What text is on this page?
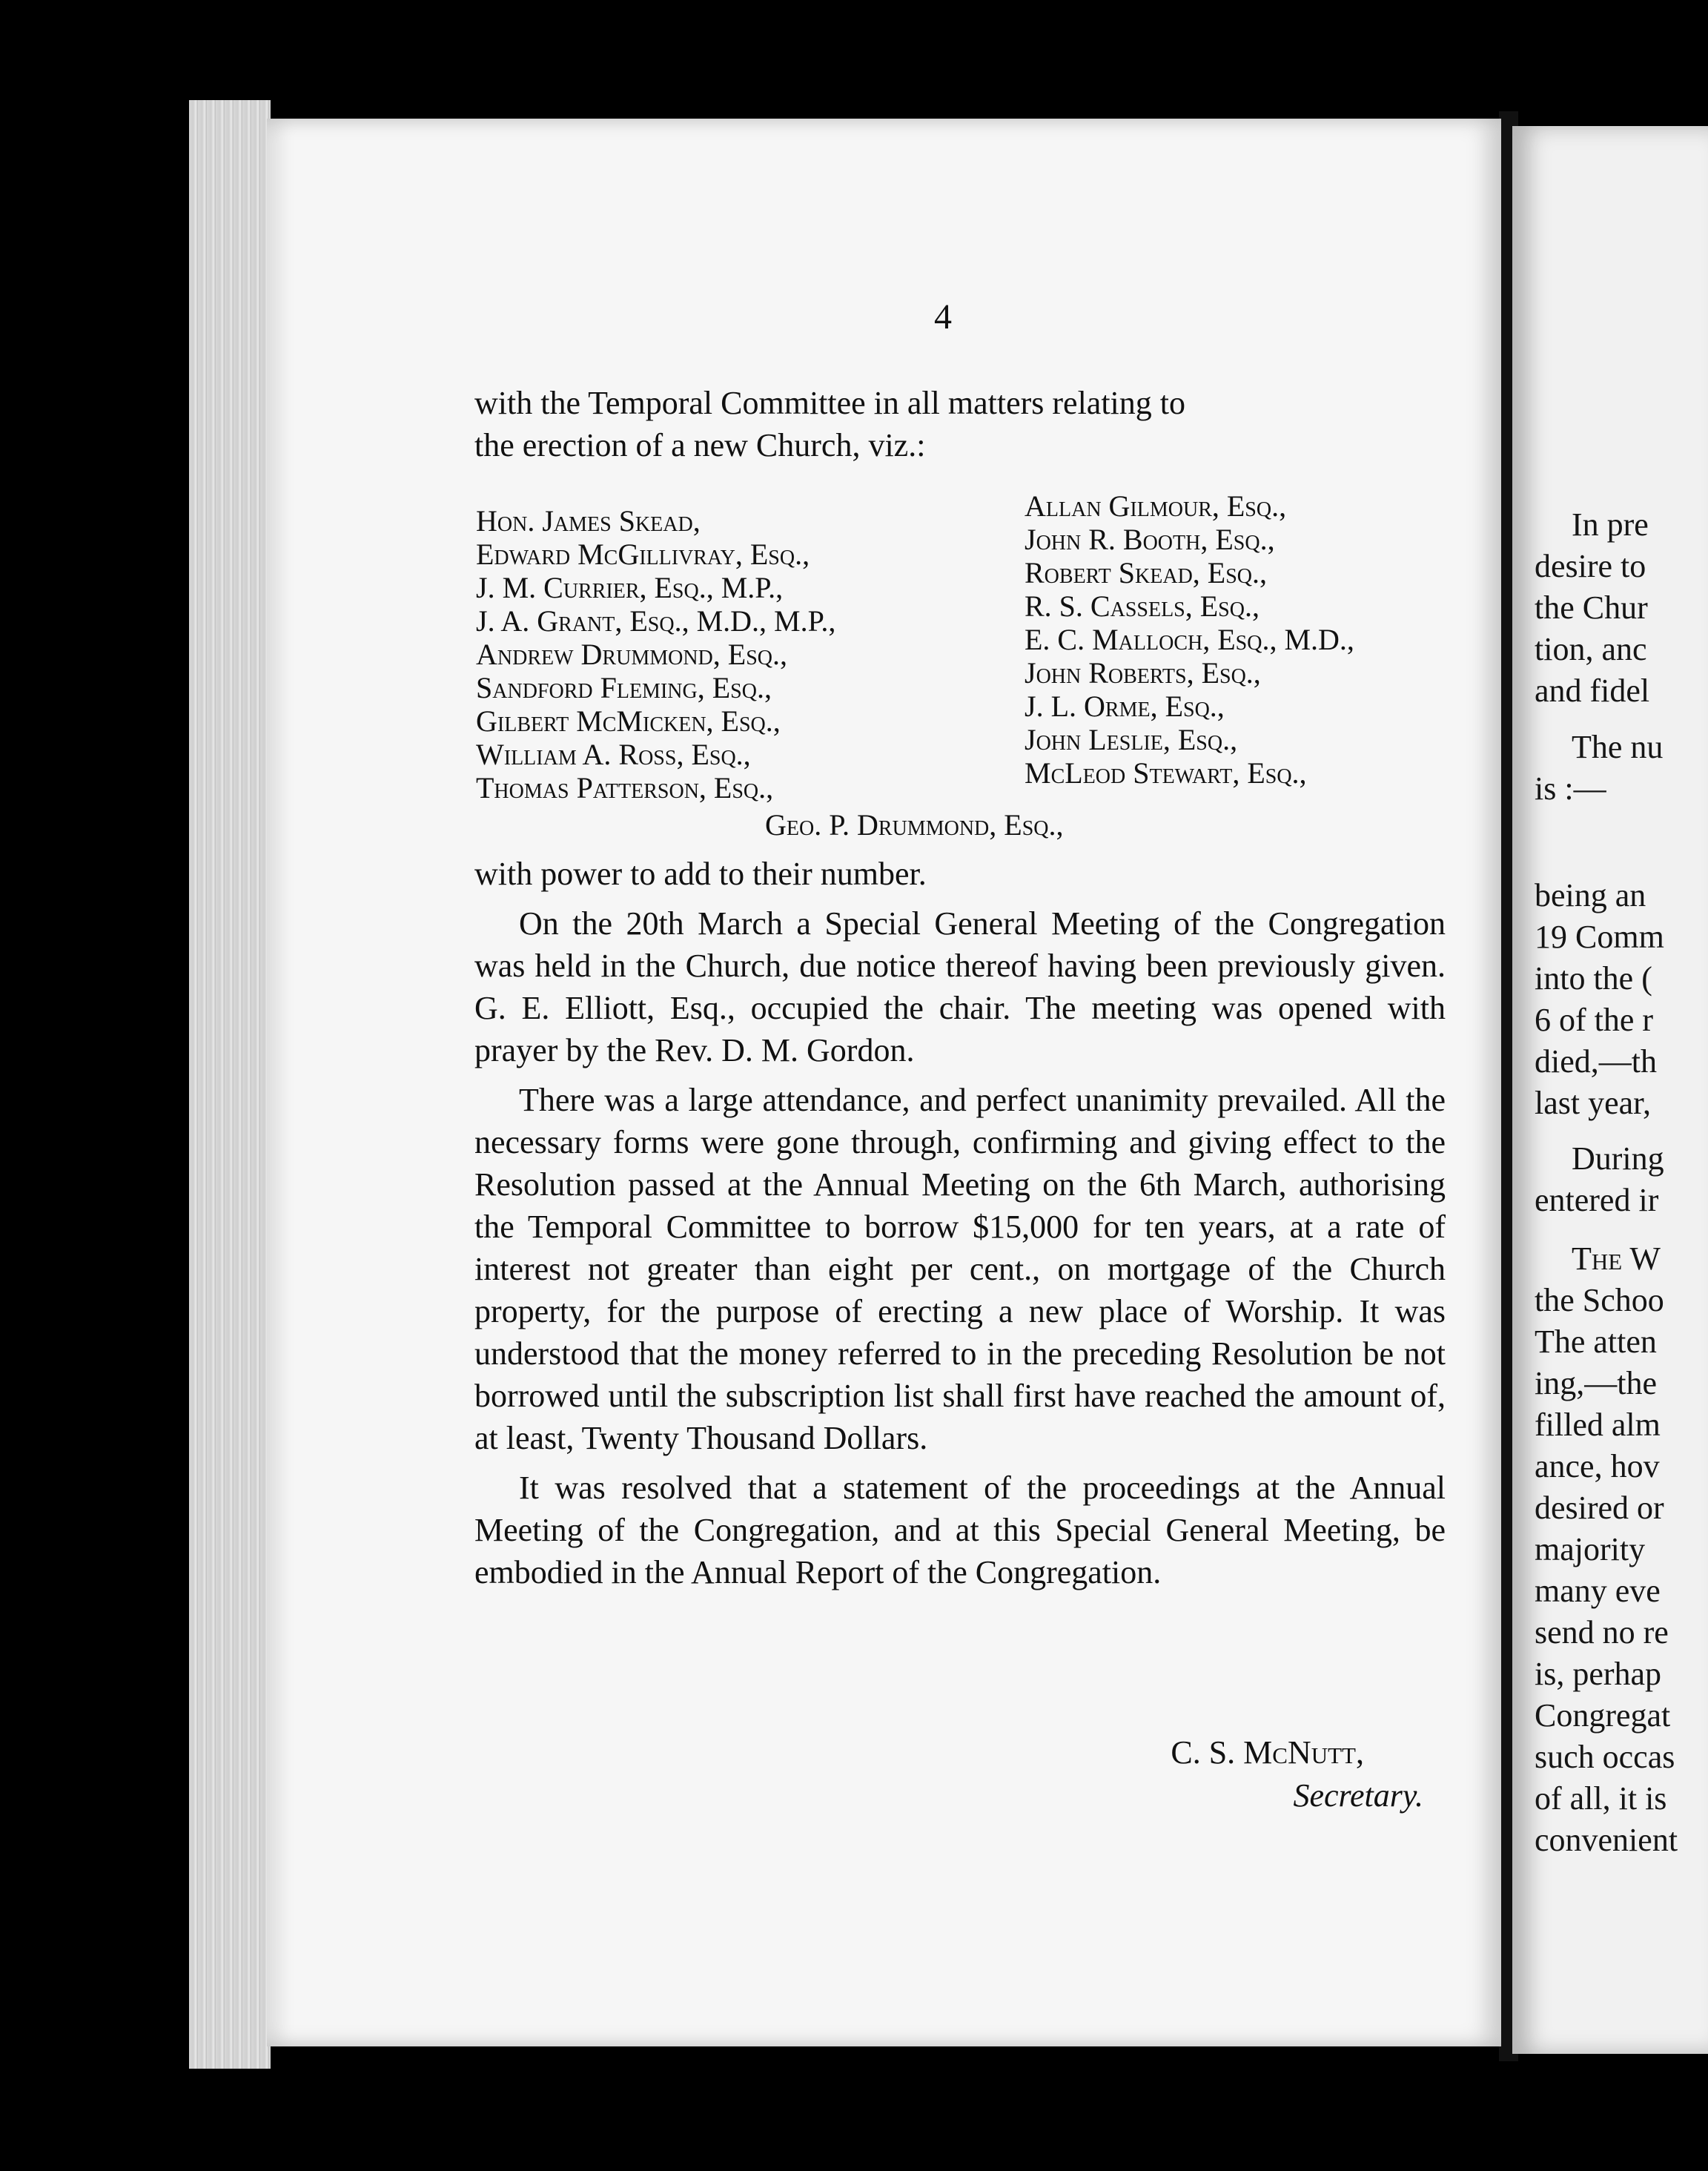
4
with the Temporal Committee in all matters relating to
the erection of a new Church, viz.:
Hon. James Skead,
Edward McGillivray, Esq.,
J. M. Currier, Esq., M.P.,
J. A. Grant, Esq., M.D., M.P.,
Andrew Drummond, Esq.,
Sandford Fleming, Esq.,
Gilbert McMicken, Esq.,
William A. Ross, Esq.,
Thomas Patterson, Esq.,
Allan Gilmour, Esq.,
John R. Booth, Esq.,
Robert Skead, Esq.,
R. S. Cassels, Esq.,
E. C. Malloch, Esq., M.D.,
John Roberts, Esq.,
J. L. Orme, Esq.,
John Leslie, Esq.,
McLeod Stewart, Esq.,
Geo. P. Drummond, Esq.,

with power to add to their number.

On the 20th March a Special General Meeting of the Congregation was held in the Church, due notice thereof having been previously given. G. E. Elliott, Esq., occupied the chair. The meeting was opened with prayer by the Rev. D. M. Gordon.

There was a large attendance, and perfect unanimity prevailed. All the necessary forms were gone through, confirming and giving effect to the Resolution passed at the Annual Meeting on the 6th March, authorising the Temporal Committee to borrow $15,000 for ten years, at a rate of interest not greater than eight per cent., on mortgage of the Church property, for the purpose of erecting a new place of Worship. It was understood that the money referred to in the preceding Resolution be not borrowed until the subscription list shall first have reached the amount of, at least, Twenty Thousand Dollars.

It was resolved that a statement of the proceedings at the Annual Meeting of the Congregation, and at this Special General Meeting, be embodied in the Annual Report of the Congregation.

C. S. McNutt,
Secretary.
In pre
desire to
the Chur
tion, anc
and fidel
The nu
is :—
being an
19 Comm
into the (
6 of the r
died,—th
last year,
During
entered ir
The W
the Schoo
The atten
ing,—the
filled alm
ance, hov
desired or
majority
many eve
send no re
is, perhap
Congregat
such occas
of all, it is
convenient
